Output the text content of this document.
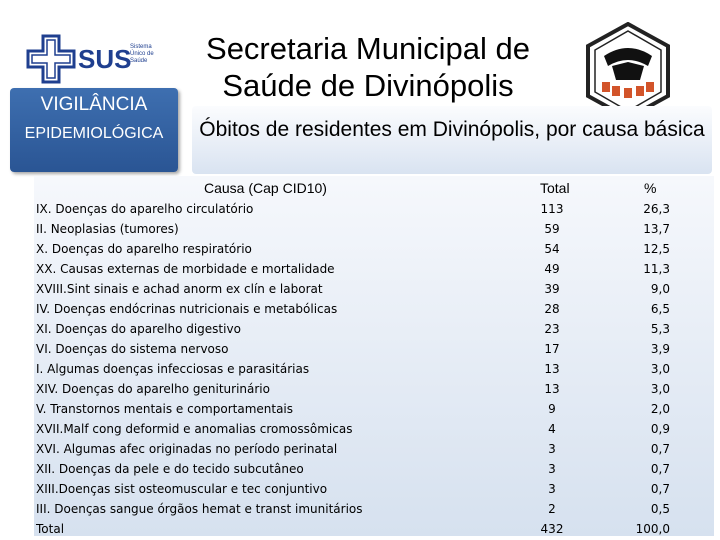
SUS
Sistema Único de Saúde
VIGILÂNCIA
EPIDEMIOLÓGICA
Secretaria Municipal de Saúde de Divinópolis
Óbitos de residentes em Divinópolis, por causa básica
Causa (Cap CID10)	Total	%
IX. Doenças do aparelho circulatório	113	26,3
II. Neoplasias (tumores)	59	13,7
X. Doenças do aparelho respiratório	54	12,5
XX. Causas externas de morbidade e mortalidade	49	11,3
XVIII.Sint sinais e achad anorm ex clín e laborat	39	9,0
IV. Doenças endócrinas nutricionais e metabólicas	28	6,5
XI. Doenças do aparelho digestivo	23	5,3
VI. Doenças do sistema nervoso	17	3,9
I. Algumas doenças infecciosas e parasitárias	13	3,0
XIV. Doenças do aparelho geniturinário	13	3,0
V. Transtornos mentais e comportamentais	9	2,0
XVII.Malf cong deformid e anomalias cromossômicas	4	0,9
XVI. Algumas afec originadas no período perinatal	3	0,7
XII. Doenças da pele e do tecido subcutâneo	3	0,7
XIII.Doenças sist osteomuscular e tec conjuntivo	3	0,7
III. Doenças sangue órgãos hemat e transt imunitários	2	0,5
Total	432	100,0
